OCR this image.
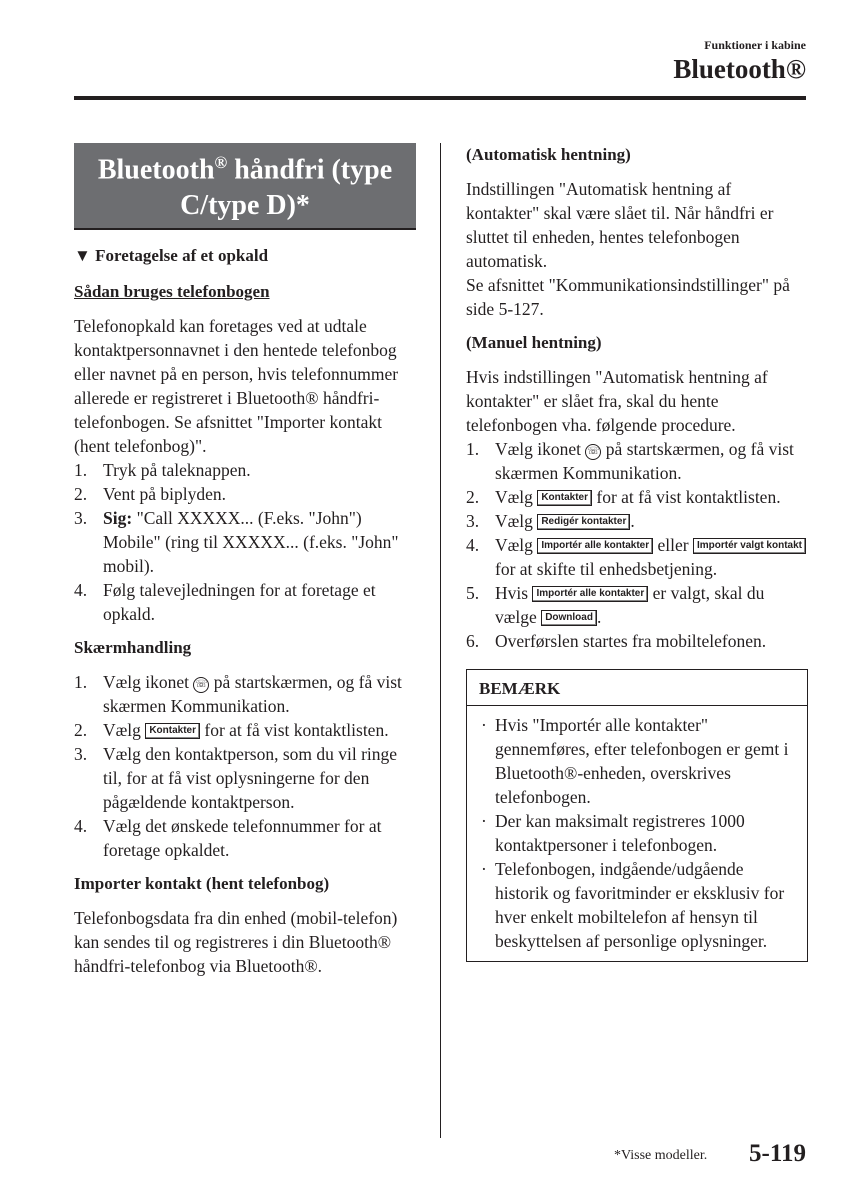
Funktioner i kabine
Bluetooth®
Bluetooth® håndfri (type C/type D)*
▼ Foretagelse af et opkald
Sådan bruges telefonbogen

Telefonopkald kan foretages ved at udtale kontaktpersonnavnet i den hentede telefonbog eller navnet på en person, hvis telefonnummer allerede er registreret i Bluetooth® håndfri-telefonbogen. Se afsnittet "Importer kontakt (hent telefonbog)".

1. Tryk på taleknappen.
2. Vent på biplyden.
3. Sig: "Call XXXXX... (F.eks. "John") Mobile" (ring til XXXXX... (f.eks. "John" mobil).
4. Følg talevejledningen for at foretage et opkald.
Skærmhandling
1. Vælg ikonet ☏ på startskærmen, og få vist skærmen Kommunikation.
2. Vælg Kontakter for at få vist kontaktlisten.
3. Vælg den kontaktperson, som du vil ringe til, for at få vist oplysningerne for den pågældende kontaktperson.
4. Vælg det ønskede telefonnummer for at foretage opkaldet.
Importer kontakt (hent telefonbog)

Telefonbogsdata fra din enhed (mobil-telefon) kan sendes til og registreres i din Bluetooth® håndfri-telefonbog via Bluetooth®.

(Automatisk hentning)

Indstillingen "Automatisk hentning af kontakter" skal være slået til. Når håndfri er sluttet til enheden, hentes telefonbogen automatisk.

Se afsnittet "Kommunikationsindstillinger" på side 5-127.

(Manuel hentning)

Hvis indstillingen "Automatisk hentning af kontakter" er slået fra, skal du hente telefonbogen vha. følgende procedure.

1. Vælg ikonet ☏ på startskærmen, og få vist skærmen Kommunikation.
2. Vælg Kontakter for at få vist kontaktlisten.
3. Vælg Redigér kontakter .
4. Vælg Importér alle kontakter eller Importér valgt kontakt for at skifte til enhedsbetjening.
5. Hvis Importér alle kontakter er valgt, skal du vælge Download .
6. Overførslen startes fra mobiltelefonen.
BEMÆRK
· Hvis "Importér alle kontakter" gennemføres, efter telefonbogen er gemt i Bluetooth®-enheden, overskrives telefonbogen.
· Der kan maksimalt registreres 1000 kontaktpersoner i telefonbogen.
· Telefonbogen, indgående/udgående historik og favoritminder er eksklusiv for hver enkelt mobiltelefon af hensyn til beskyttelsen af personlige oplysninger.
*Visse modeller. 5-119
